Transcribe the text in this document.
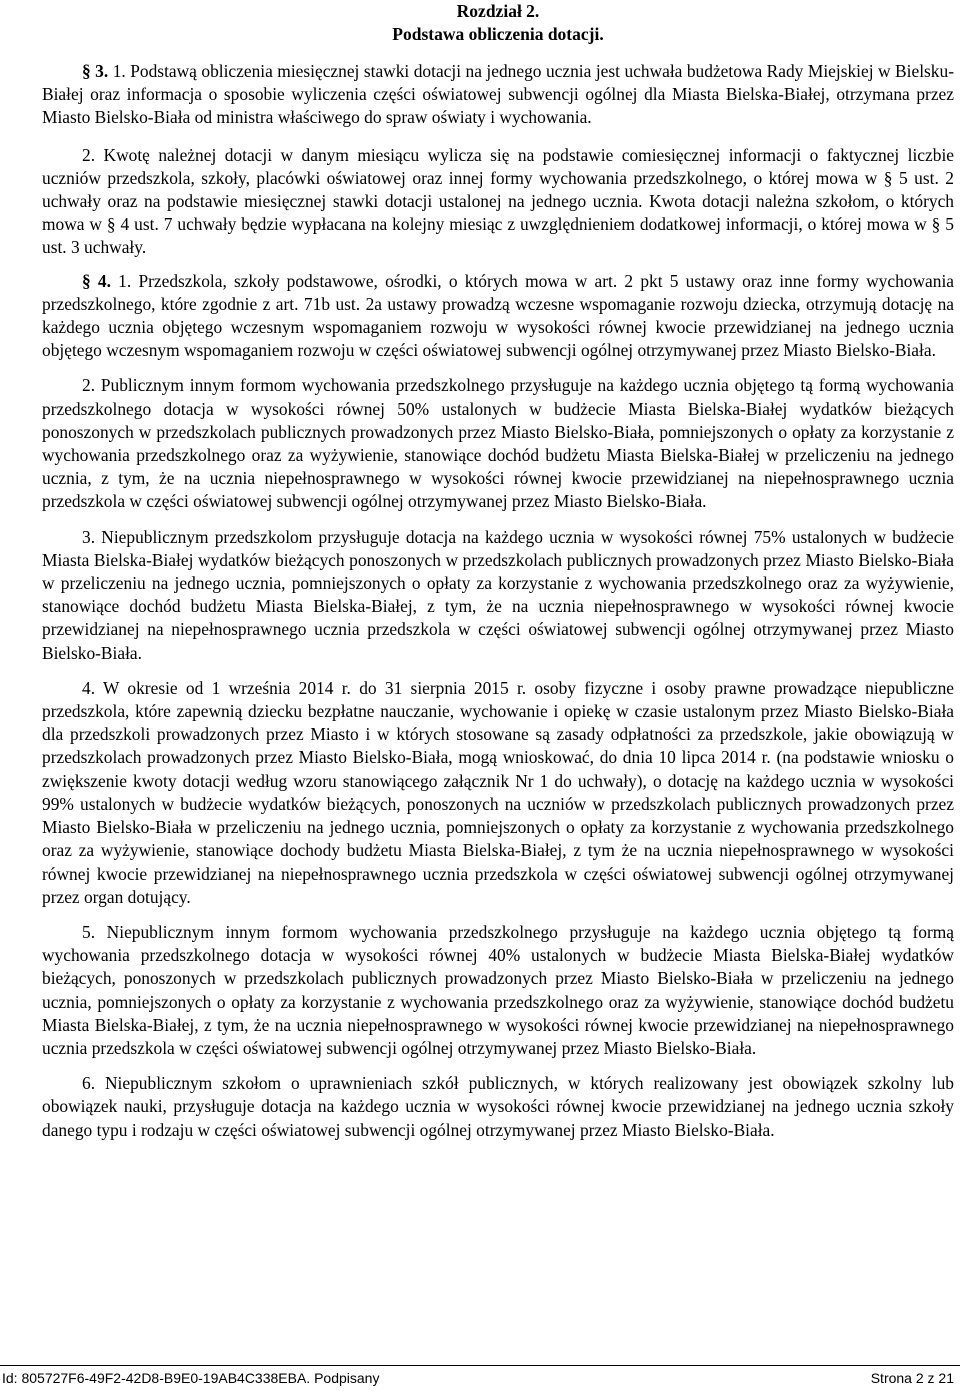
Rozdział 2.
Podstawa obliczenia dotacji.

§ 3. 1. Podstawą obliczenia miesięcznej stawki dotacji na jednego ucznia jest uchwała budżetowa Rady Miejskiej w Bielsku-Białej oraz informacja o sposobie wyliczenia części oświatowej subwencji ogólnej dla Miasta Bielska-Białej, otrzymana przez Miasto Bielsko-Biała od ministra właściwego do spraw oświaty i wychowania.

2. Kwotę należnej dotacji w danym miesiącu wylicza się na podstawie comiesięcznej informacji o faktycznej liczbie uczniów przedszkola, szkoły, placówki oświatowej oraz innej formy wychowania przedszkolnego, o której mowa w § 5 ust. 2 uchwały oraz na podstawie miesięcznej stawki dotacji ustalonej na jednego ucznia. Kwota dotacji należna szkołom, o których mowa w § 4 ust. 7 uchwały będzie wypłacana na kolejny miesiąc z uwzględnieniem dodatkowej informacji, o której mowa w § 5 ust. 3 uchwały.

§ 4. 1. Przedszkola, szkoły podstawowe, ośrodki, o których mowa w art. 2 pkt 5 ustawy oraz inne formy wychowania przedszkolnego, które zgodnie z art. 71b ust. 2a ustawy prowadzą wczesne wspomaganie rozwoju dziecka, otrzymują dotację na każdego ucznia objętego wczesnym wspomaganiem rozwoju w wysokości równej kwocie przewidzianej na jednego ucznia objętego wczesnym wspomaganiem rozwoju w części oświatowej subwencji ogólnej otrzymywanej przez Miasto Bielsko-Biała.

2. Publicznym innym formom wychowania przedszkolnego przysługuje na każdego ucznia objętego tą formą wychowania przedszkolnego dotacja w wysokości równej 50% ustalonych w budżecie Miasta Bielska-Białej wydatków bieżących ponoszonych w przedszkolach publicznych prowadzonych przez Miasto Bielsko-Biała, pomniejszonych o opłaty za korzystanie z wychowania przedszkolnego oraz za wyżywienie, stanowiące dochód budżetu Miasta Bielska-Białej w przeliczeniu na jednego ucznia, z tym, że na ucznia niepełnosprawnego w wysokości równej kwocie przewidzianej na niepełnosprawnego ucznia przedszkola w części oświatowej subwencji ogólnej otrzymywanej przez Miasto Bielsko-Biała.

3. Niepublicznym przedszkolom przysługuje dotacja na każdego ucznia w wysokości równej 75% ustalonych w budżecie Miasta Bielska-Białej wydatków bieżących ponoszonych w przedszkolach publicznych prowadzonych przez Miasto Bielsko-Biała w przeliczeniu na jednego ucznia, pomniejszonych o opłaty za korzystanie z wychowania przedszkolnego oraz za wyżywienie, stanowiące dochód budżetu Miasta Bielska-Białej, z tym, że na ucznia niepełnosprawnego w wysokości równej kwocie przewidzianej na niepełnosprawnego ucznia przedszkola w części oświatowej subwencji ogólnej otrzymywanej przez Miasto Bielsko-Biała.

4. W okresie od 1 września 2014 r. do 31 sierpnia 2015 r. osoby fizyczne i osoby prawne prowadzące niepubliczne przedszkola, które zapewnią dziecku bezpłatne nauczanie, wychowanie i opiekę w czasie ustalonym przez Miasto Bielsko-Biała dla przedszkoli prowadzonych przez Miasto i w których stosowane są zasady odpłatności za przedszkole, jakie obowiązują w przedszkolach prowadzonych przez Miasto Bielsko-Biała, mogą wnioskować, do dnia 10 lipca 2014 r. (na podstawie wniosku o zwiększenie kwoty dotacji według wzoru stanowiącego załącznik Nr 1 do uchwały), o dotację na każdego ucznia w wysokości 99% ustalonych w budżecie wydatków bieżących, ponoszonych na uczniów w przedszkolach publicznych prowadzonych przez Miasto Bielsko-Biała w przeliczeniu na jednego ucznia, pomniejszonych o opłaty za korzystanie z wychowania przedszkolnego oraz za wyżywienie, stanowiące dochody budżetu Miasta Bielska-Białej, z tym że na ucznia niepełnosprawnego w wysokości równej kwocie przewidzianej na niepełnosprawnego ucznia przedszkola w części oświatowej subwencji ogólnej otrzymywanej przez organ dotujący.

5. Niepublicznym innym formom wychowania przedszkolnego przysługuje na każdego ucznia objętego tą formą wychowania przedszkolnego dotacja w wysokości równej 40% ustalonych w budżecie Miasta Bielska-Białej wydatków bieżących, ponoszonych w przedszkolach publicznych prowadzonych przez Miasto Bielsko-Biała w przeliczeniu na jednego ucznia, pomniejszonych o opłaty za korzystanie z wychowania przedszkolnego oraz za wyżywienie, stanowiące dochód budżetu Miasta Bielska-Białej, z tym, że na ucznia niepełnosprawnego w wysokości równej kwocie przewidzianej na niepełnosprawnego ucznia przedszkola w części oświatowej subwencji ogólnej otrzymywanej przez Miasto Bielsko-Biała.

6. Niepublicznym szkołom o uprawnieniach szkół publicznych, w których realizowany jest obowiązek szkolny lub obowiązek nauki, przysługuje dotacja na każdego ucznia w wysokości równej kwocie przewidzianej na jednego ucznia szkoły danego typu i rodzaju w części oświatowej subwencji ogólnej otrzymywanej przez Miasto Bielsko-Biała.

Id: 805727F6-49F2-42D8-B9E0-19AB4C338EBA. Podpisany	Strona 2 z 21
